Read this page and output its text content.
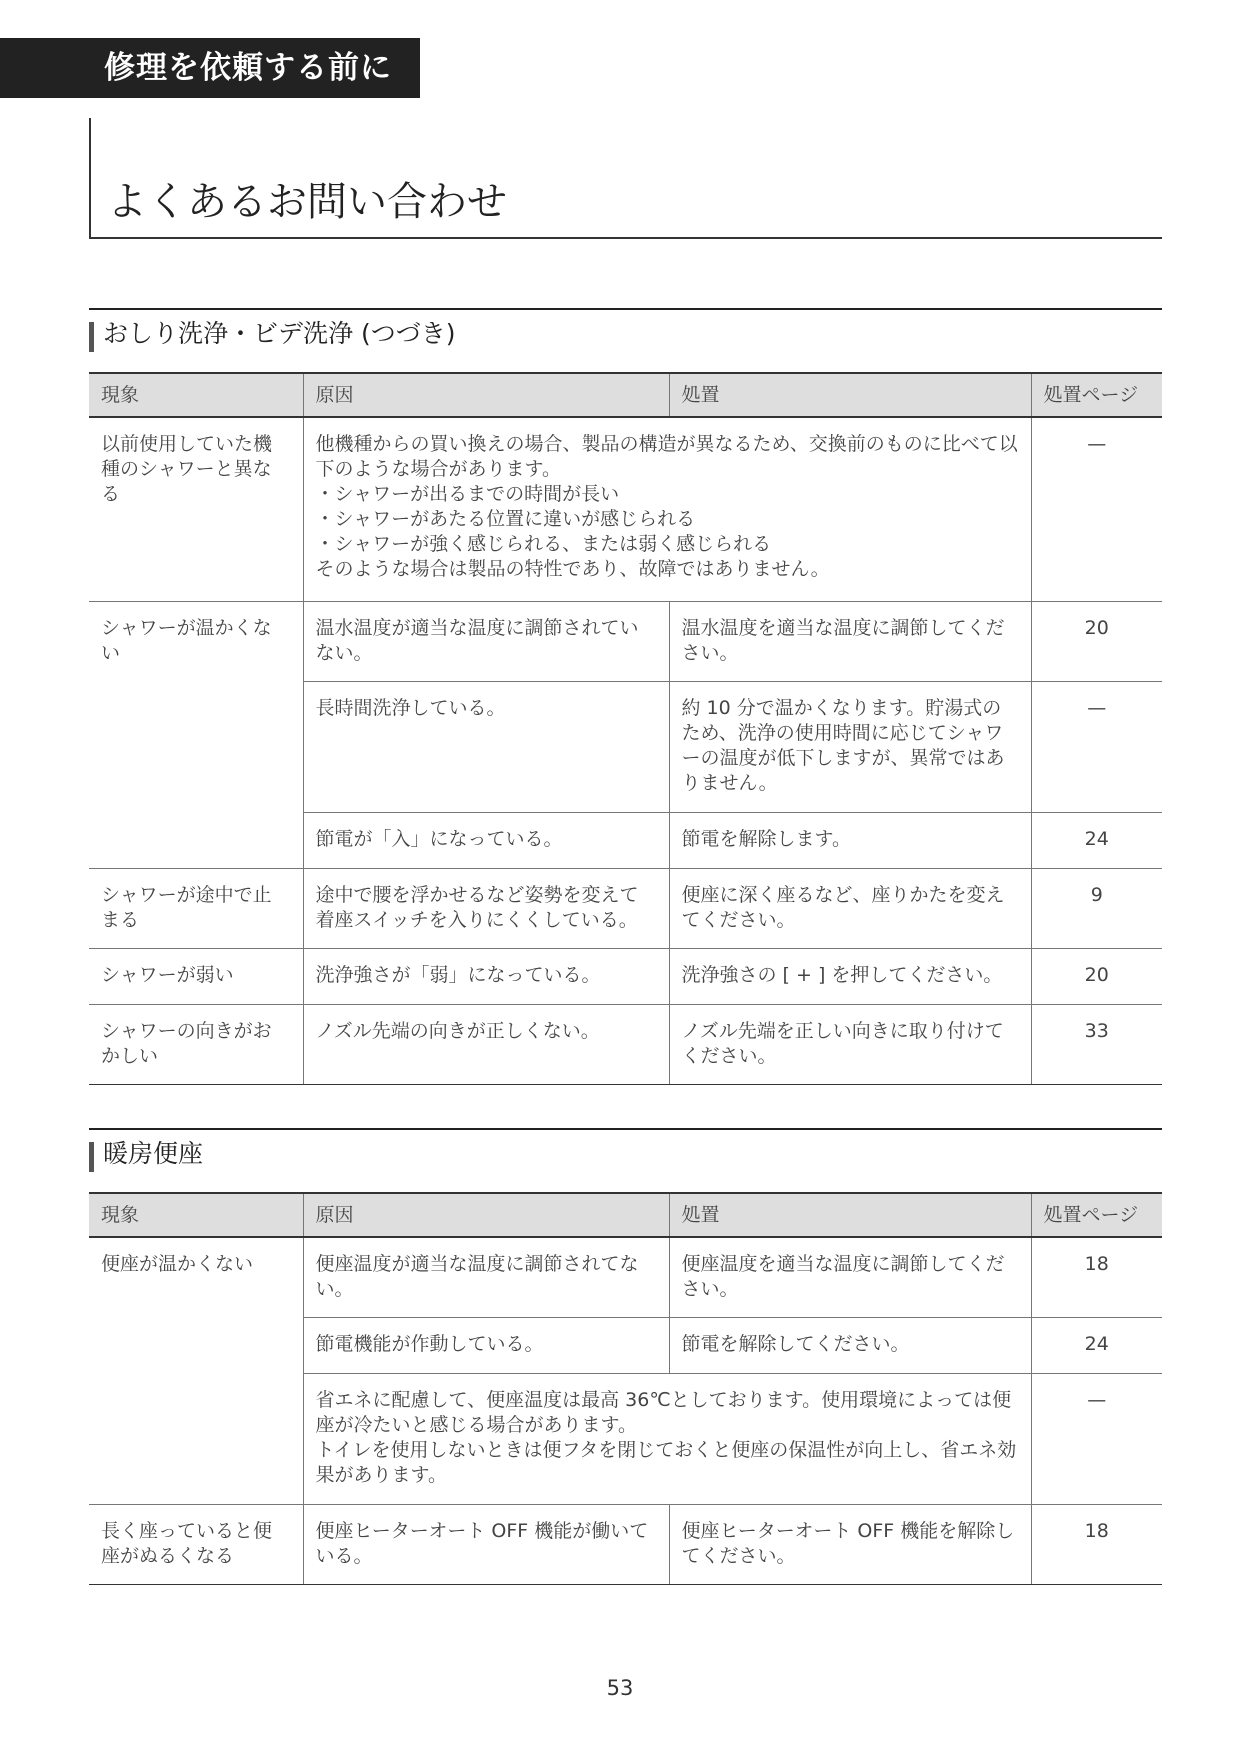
修理を依頼する前に
よくあるお問い合わせ
おしり洗浄・ビデ洗浄 (つづき)
現象	原因	処置	処置ページ
以前使用していた機種のシャワーと異なる	他機種からの買い換えの場合、製品の構造が異なるため、交換前のものに比べて以下のような場合があります。
・シャワーが出るまでの時間が長い
・シャワーがあたる位置に違いが感じられる
・シャワーが強く感じられる、または弱く感じられる
そのような場合は製品の特性であり、故障ではありません。		—
シャワーが温かくない	温水温度が適当な温度に調節されていない。	温水温度を適当な温度に調節してください。	20
	長時間洗浄している。	約 10 分で温かくなります。貯湯式のため、洗浄の使用時間に応じてシャワーの温度が低下しますが、異常ではありません。	—
	節電が「入」になっている。	節電を解除します。	24
シャワーが途中で止まる	途中で腰を浮かせるなど姿勢を変えて着座スイッチを入りにくくしている。	便座に深く座るなど、座りかたを変えてください。	9
シャワーが弱い	洗浄強さが「弱」になっている。	洗浄強さの [ + ] を押してください。	20
シャワーの向きがおかしい	ノズル先端の向きが正しくない。	ノズル先端を正しい向きに取り付けてください。	33
暖房便座
現象	原因	処置	処置ページ
便座が温かくない	便座温度が適当な温度に調節されてない。	便座温度を適当な温度に調節してください。	18
	節電機能が作動している。	節電を解除してください。	24
	省エネに配慮して、便座温度は最高 36℃としております。使用環境によっては便座が冷たいと感じる場合があります。
トイレを使用しないときは便フタを閉じておくと便座の保温性が向上し、省エネ効果があります。		—
長く座っていると便座がぬるくなる	便座ヒーターオート OFF 機能が働いている。	便座ヒーターオート OFF 機能を解除してください。	18
53
